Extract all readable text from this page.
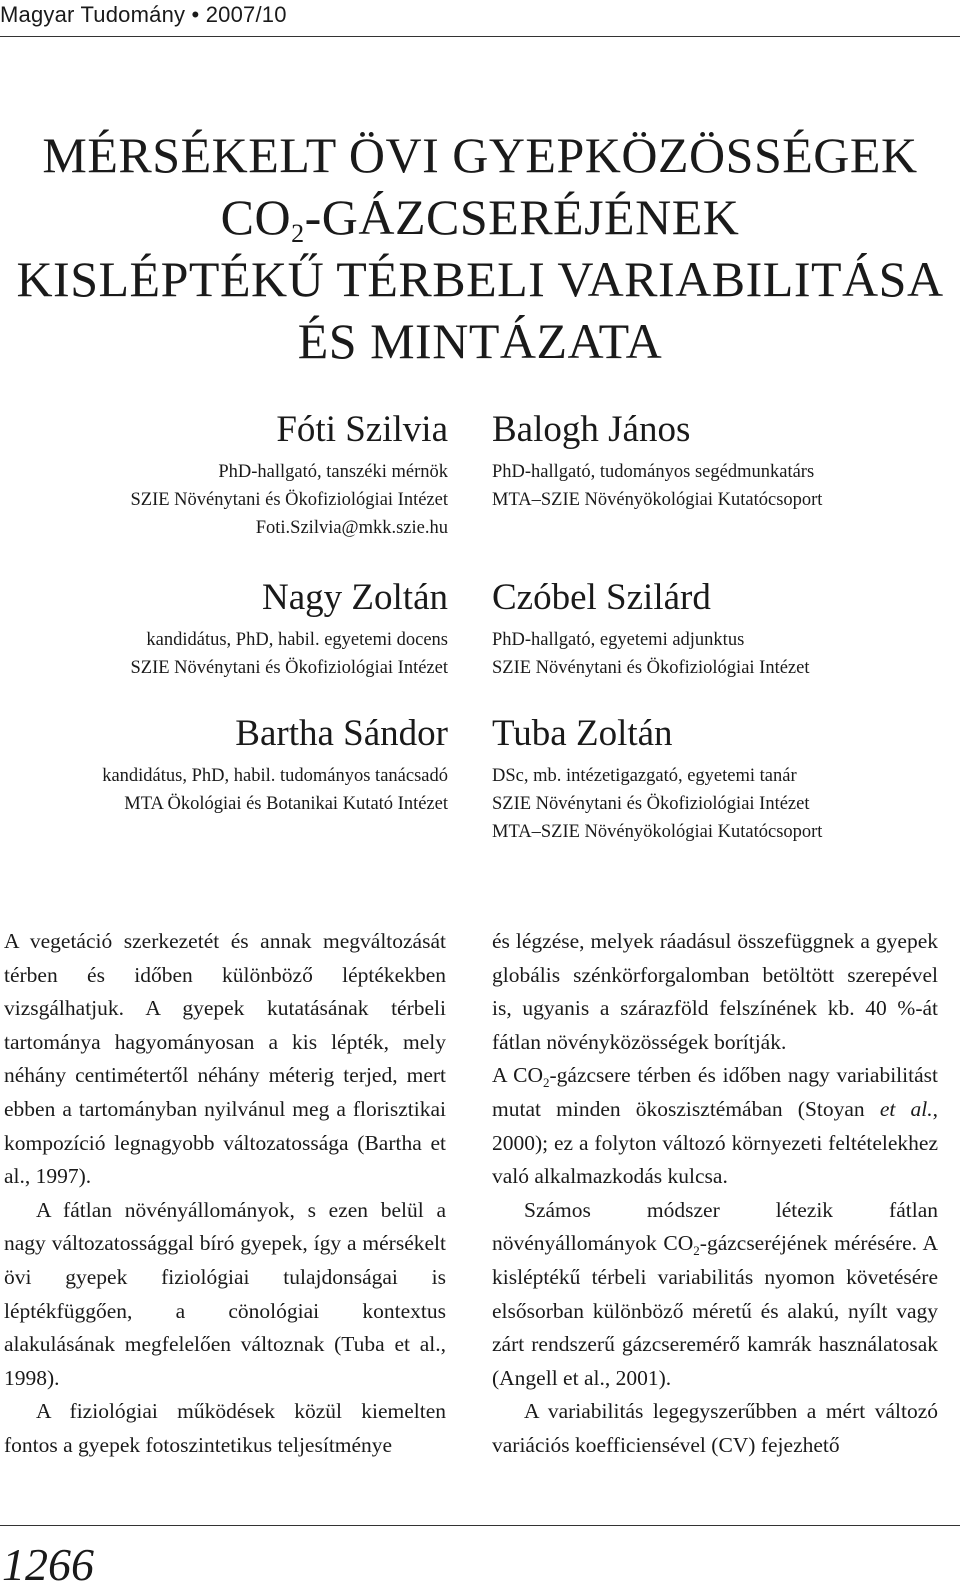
Magyar Tudomány • 2007/10
MÉRSÉKELT ÖVI GYEPKÖZÖSSÉGEK
$CO_2$-GÁZCSERÉJÉNEK
KISLÉPTÉKŰ TÉRBELI VARIABILITÁSA
ÉS MINTÁZATA
Fóti Szilvia
PhD-hallgató, tanszéki mérnök
SZIE Növénytani és Ökofiziológiai Intézet
Foti.Szilvia@mkk.szie.hu
Nagy Zoltán
kandidátus, PhD, habil. egyetemi docens
SZIE Növénytani és Ökofiziológiai Intézet
Bartha Sándor
kandidátus, PhD, habil. tudományos tanácsadó
MTA Ökológiai és Botanikai Kutató Intézet
Balogh János
PhD-hallgató, tudományos segédmunkatárs
MTA–SZIE Növényökológiai Kutatócsoport
Czóbel Szilárd
PhD-hallgató, egyetemi adjunktus
SZIE Növénytani és Ökofiziológiai Intézet
Tuba Zoltán
DSc, mb. intézetigazgató, egyetemi tanár
SZIE Növénytani és Ökofiziológiai Intézet
MTA–SZIE Növényökológiai Kutatócsoport

A vegetáció szerkezetét és annak megváltozását térben és időben különböző léptékekben vizsgálhatjuk. A gyepek kutatásának térbeli tartománya hagyományosan a kis lépték, mely néhány centimétertől néhány méterig terjed, mert ebben a tartományban nyilvánul meg a florisztikai kompozíció legnagyobb változatossága (Bartha et al., 1997).

A fátlan növényállományok, s ezen belül a nagy változatossággal bíró gyepek, így a mérsékelt övi gyepek fiziológiai tulajdonságai is léptékfüggően, a cönológiai kontextus alakulásának megfelelően változnak (Tuba et al., 1998).

A fiziológiai működések közül kiemelten fontos a gyepek fotoszintetikus teljesítménye

és légzése, melyek ráadásul összefüggnek a gyepek globális szénkörforgalomban betöltött szerepével is, ugyanis a szárazföld felszínének kb. 40 %-át fátlan növényközösségek borítják.

A $CO_2$-gázcsere térben és időben nagy variabilitást mutat minden ökoszisztémában (Stoyan et al., 2000); ez a folyton változó környezeti feltételekhez való alkalmazkodás kulcsa.

Számos módszer létezik fátlan növényállományok $CO_2$-gázcseréjének mérésére. A kisléptékű térbeli variabilitás nyomon követésére elsősorban különböző méretű és alakú, nyílt vagy zárt rendszerű gázcseremérő kamrák használatosak (Angell et al., 2001).

A variabilitás legegyszerűbben a mért változó variációs koefficiensével (CV) fejezhető

1266
